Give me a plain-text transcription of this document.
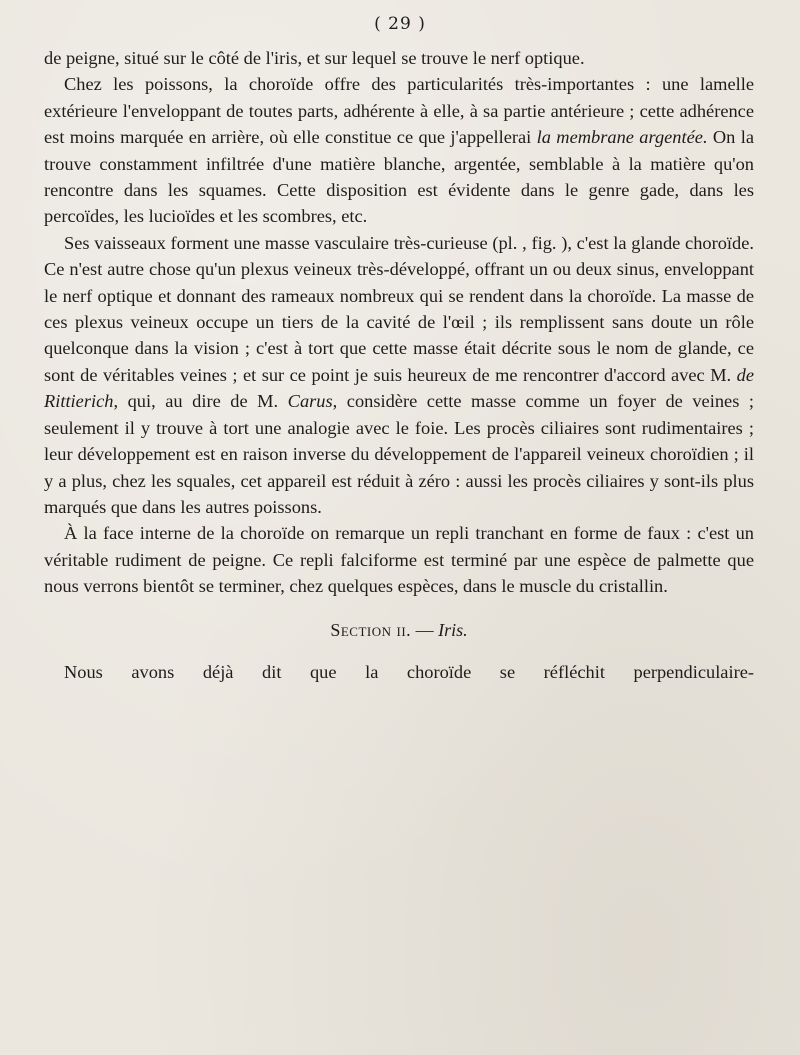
( 29 )

de peigne, situé sur le côté de l'iris, et sur lequel se trouve le nerf optique.

Chez les poissons, la choroïde offre des particularités très-importantes : une lamelle extérieure l'enveloppant de toutes parts, adhérente à elle, à sa partie antérieure ; cette adhérence est moins marquée en arrière, où elle constitue ce que j'appellerai la membrane argentée. On la trouve constamment infiltrée d'une matière blanche, argentée, semblable à la matière qu'on rencontre dans les squames. Cette disposition est évidente dans le genre gade, dans les percoïdes, les lucioïdes et les scombres, etc.

Ses vaisseaux forment une masse vasculaire très-curieuse (pl. , fig. ), c'est la glande choroïde. Ce n'est autre chose qu'un plexus veineux très-développé, offrant un ou deux sinus, enveloppant le nerf optique et donnant des rameaux nombreux qui se rendent dans la choroïde. La masse de ces plexus veineux occupe un tiers de la cavité de l'œil ; ils remplissent sans doute un rôle quelconque dans la vision ; c'est à tort que cette masse était décrite sous le nom de glande, ce sont de véritables veines ; et sur ce point je suis heureux de me rencontrer d'accord avec M. de Rittierich, qui, au dire de M. Carus, considère cette masse comme un foyer de veines ; seulement il y trouve à tort une analogie avec le foie. Les procès ciliaires sont rudimentaires ; leur développement est en raison inverse du développement de l'appareil veineux choroïdien ; il y a plus, chez les squales, cet appareil est réduit à zéro : aussi les procès ciliaires y sont-ils plus marqués que dans les autres poissons.

À la face interne de la choroïde on remarque un repli tranchant en forme de faux : c'est un véritable rudiment de peigne. Ce repli falciforme est terminé par une espèce de palmette que nous verrons bientôt se terminer, chez quelques espèces, dans le muscle du cristallin.

Section ii. — Iris.

Nous avons déjà dit que la choroïde se réfléchit perpendiculaire-
